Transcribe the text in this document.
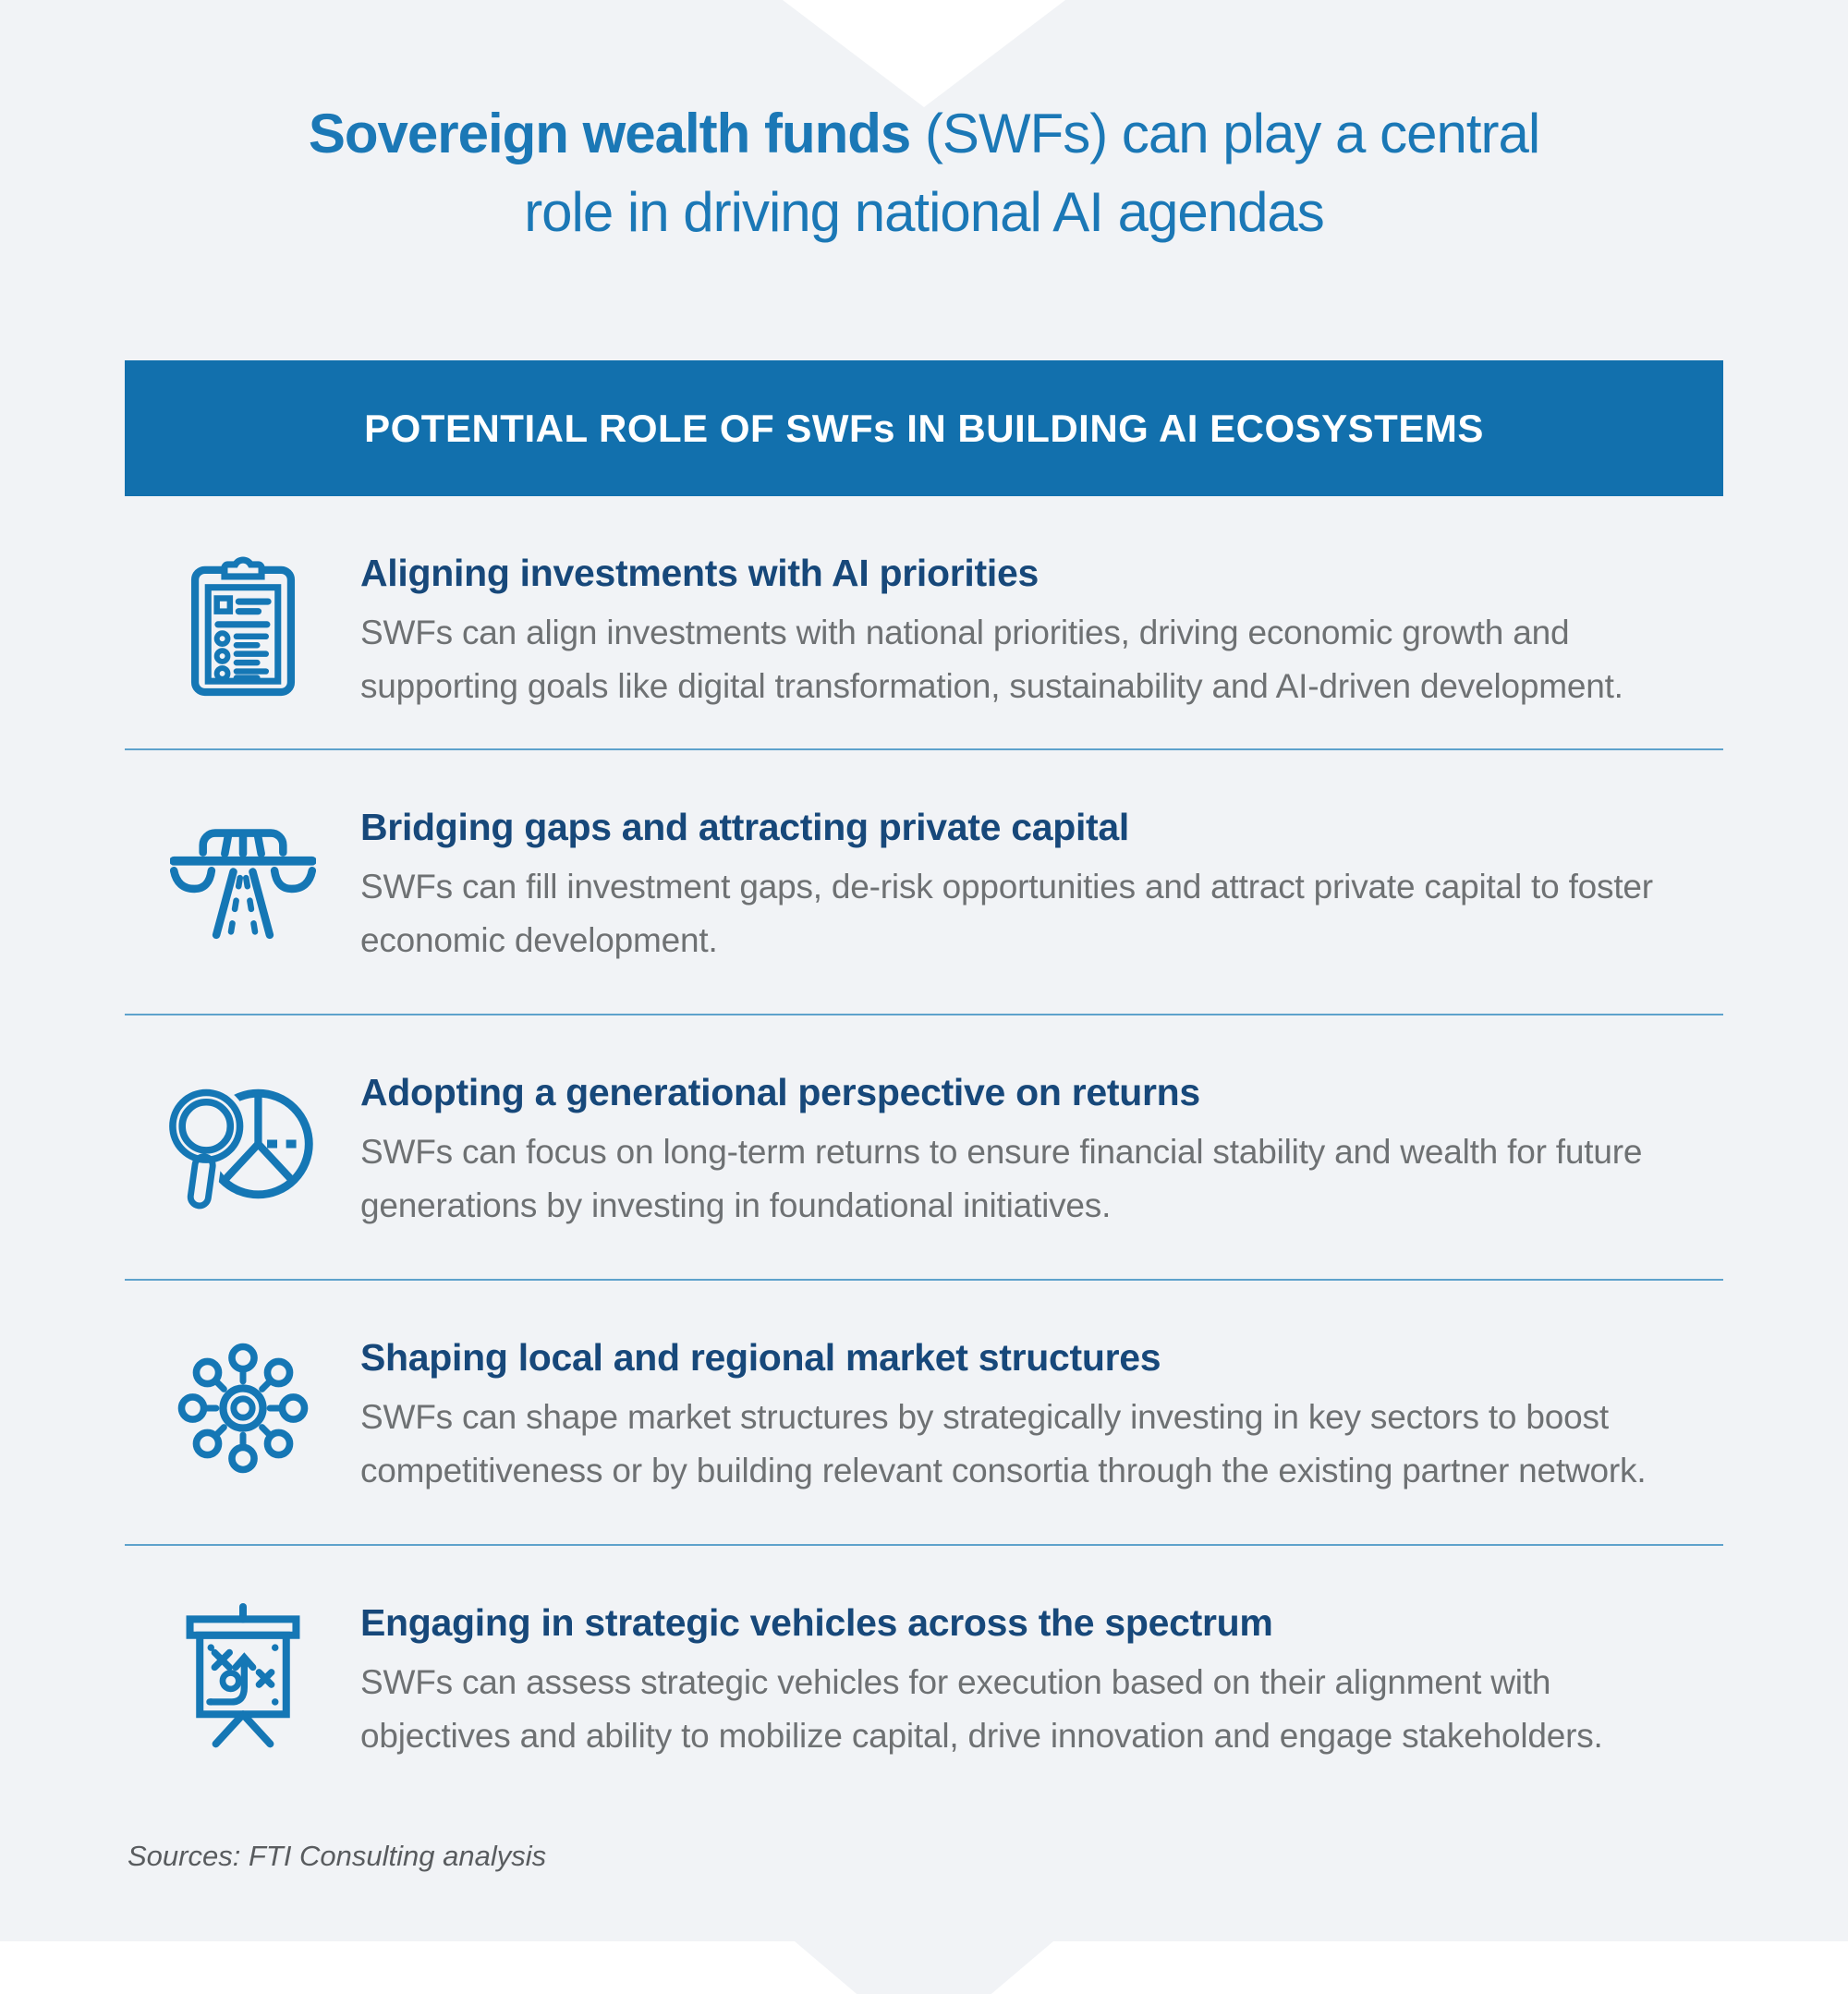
Sovereign wealth funds (SWFs) can play a central
role in driving national AI agendas
POTENTIAL ROLE OF SWFs IN BUILDING AI ECOSYSTEMS
Aligning investments with AI priorities

SWFs can align investments with national priorities, driving economic growth and supporting goals like digital transformation, sustainability and AI-driven development.

Bridging gaps and attracting private capital

SWFs can fill investment gaps, de-risk opportunities and attract private capital to foster economic development.

Adopting a generational perspective on returns

SWFs can focus on long-term returns to ensure financial stability and wealth for future generations by investing in foundational initiatives.

Shaping local and regional market structures

SWFs can shape market structures by strategically investing in key sectors to boost competitiveness or by building relevant consortia through the existing partner network.

Engaging in strategic vehicles across the spectrum

SWFs can assess strategic vehicles for execution based on their alignment with objectives and ability to mobilize capital, drive innovation and engage stakeholders.

Sources: FTI Consulting analysis
